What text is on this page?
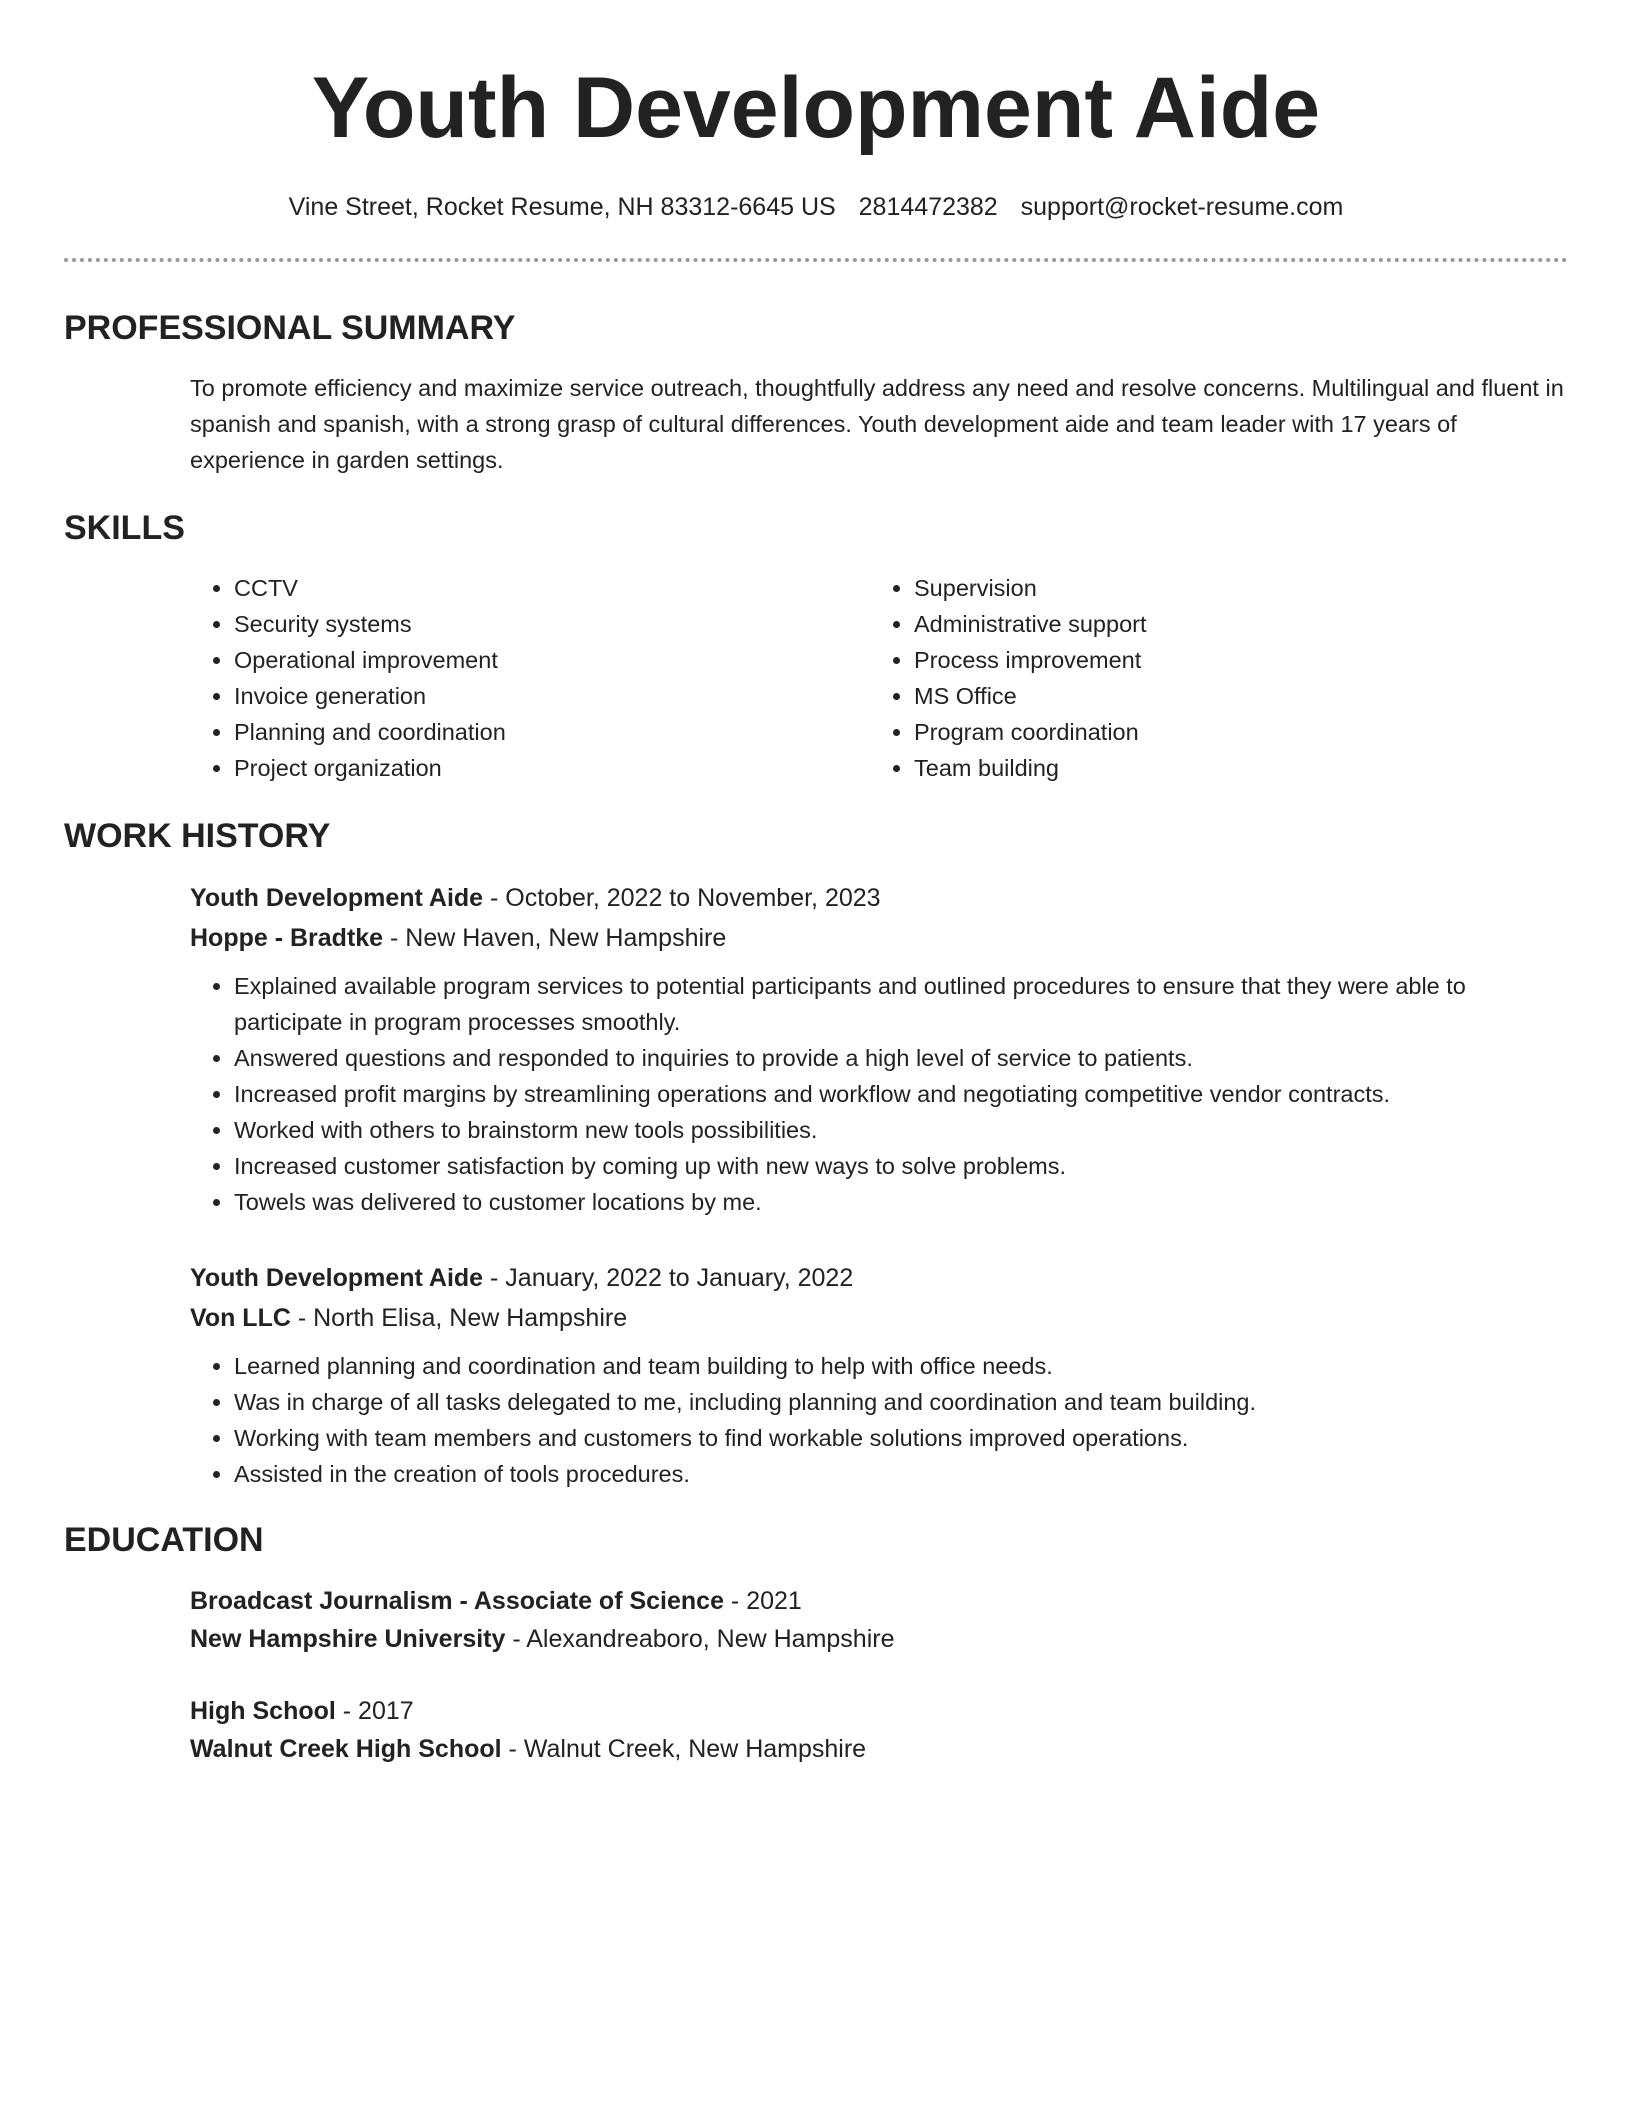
Youth Development Aide
Vine Street, Rocket Resume, NH 83312-6645 US 2814472382 support@rocket-resume.com
PROFESSIONAL SUMMARY

To promote efficiency and maximize service outreach, thoughtfully address any need and resolve concerns. Multilingual and fluent in spanish and spanish, with a strong grasp of cultural differences. Youth development aide and team leader with 17 years of experience in garden settings.

SKILLS
• CCTV
• Security systems
• Operational improvement
• Invoice generation
• Planning and coordination
• Project organization
• Supervision
• Administrative support
• Process improvement
• MS Office
• Program coordination
• Team building
WORK HISTORY
Youth Development Aide - October, 2022 to November, 2023
Hoppe - Bradtke - New Haven, New Hampshire
• Explained available program services to potential participants and outlined procedures to ensure that they were able to participate in program processes smoothly.
• Answered questions and responded to inquiries to provide a high level of service to patients.
• Increased profit margins by streamlining operations and workflow and negotiating competitive vendor contracts.
• Worked with others to brainstorm new tools possibilities.
• Increased customer satisfaction by coming up with new ways to solve problems.
• Towels was delivered to customer locations by me.
Youth Development Aide - January, 2022 to January, 2022
Von LLC - North Elisa, New Hampshire
• Learned planning and coordination and team building to help with office needs.
• Was in charge of all tasks delegated to me, including planning and coordination and team building.
• Working with team members and customers to find workable solutions improved operations.
• Assisted in the creation of tools procedures.
EDUCATION
Broadcast Journalism - Associate of Science - 2021
New Hampshire University - Alexandreaboro, New Hampshire
High School - 2017
Walnut Creek High School - Walnut Creek, New Hampshire
